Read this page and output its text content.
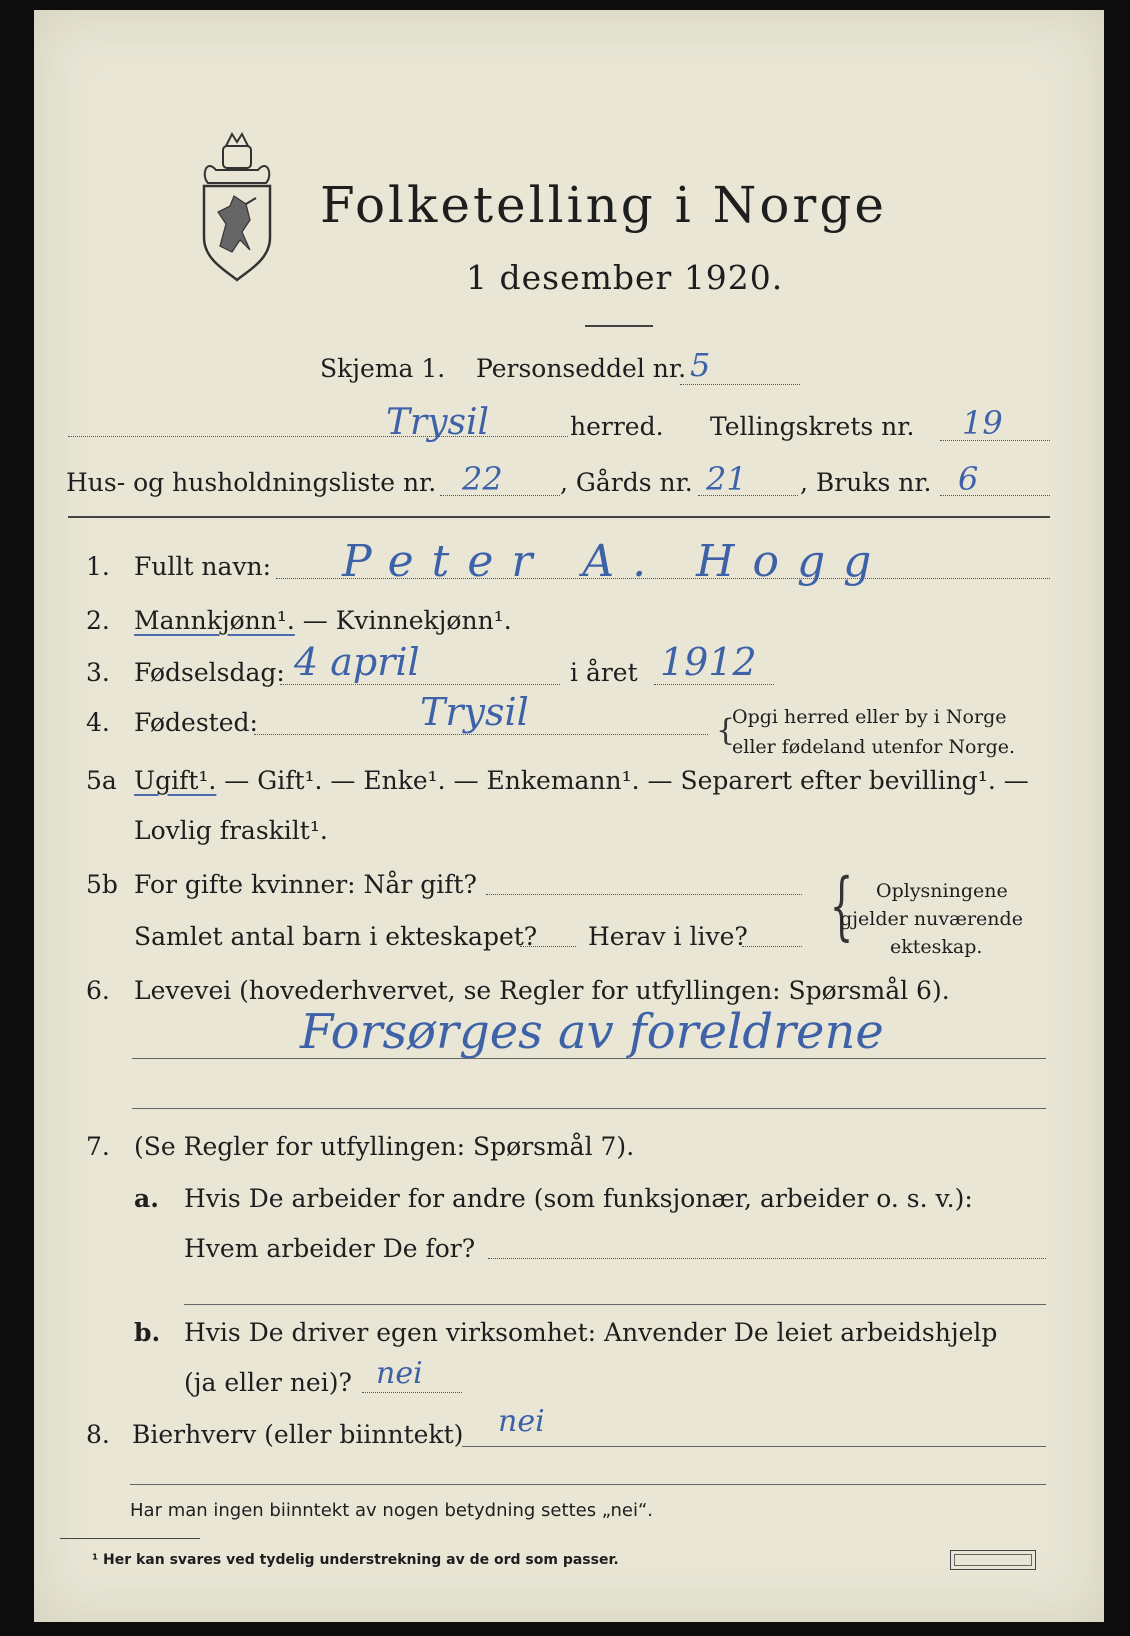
Folketelling i Norge
1 desember 1920.
Skjema 1. Personseddel nr. 5
Trysil	herred. Tellingskrets nr. 19
Hus- og husholdningsliste nr. 22 , Gårds nr. 21 , Bruks nr. 6
1. Fullt navn: Peter A. Hogg
2. Mannkjønn¹. — Kvinnekjønn¹.
3. Fødselsdag: 4 april	i året 1912
4. Fødested:	Trysil	{
Opgi herred eller by i Norge
eller fødeland utenfor Norge.
5a Ugift¹. — Gift¹. — Enke¹. — Enkemann¹. — Separert efter bevilling¹. —
Lovlig fraskilt¹.
5b For gifte kvinner: Når gift?
Samlet antal barn i ekteskapet? Herav i live? { Oplysningene
gjelder nuværende
ekteskap.
6. Levevei (hovederhvervet, se Regler for utfyllingen: Spørsmål 6).
Forsørges av foreldrene
7. (Se Regler for utfyllingen: Spørsmål 7).
a. Hvis De arbeider for andre (som funksjonær, arbeider o. s. v.):
Hvem arbeider De for?
b. Hvis De driver egen virksomhet: Anvender De leiet arbeidshjelp
(ja eller nei)? nei
8. Bierhverv (eller biinntekt) nei
Har man ingen biinntekt av nogen betydning settes „nei“.
¹ Her kan svares ved tydelig understrekning av de ord som passer.
